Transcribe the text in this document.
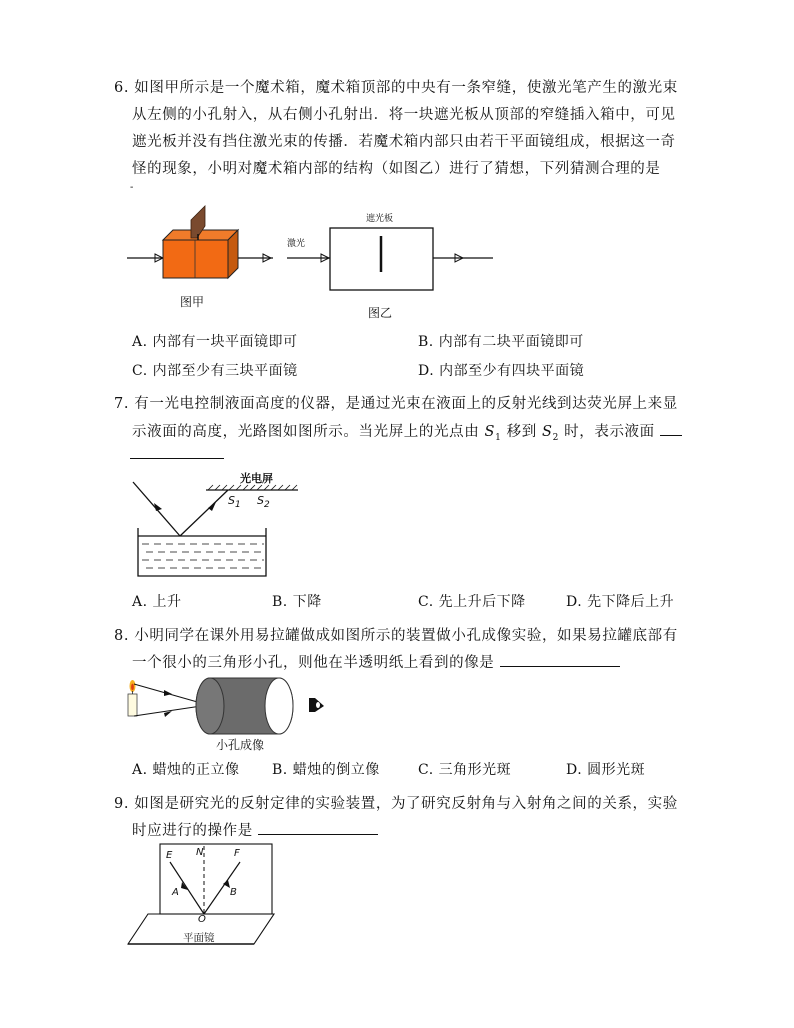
6. 如图甲所示是一个魔术箱，魔术箱顶部的中央有一条窄缝，使激光笔产生的激光束
从左侧的小孔射入，从右侧小孔射出．将一块遮光板从顶部的窄缝插入箱中，可见
遮光板并没有挡住激光束的传播．若魔术箱内部只由若干平面镜组成，根据这一奇
怪的现象，小明对魔术箱内部的结构（如图乙）进行了猜想，下列猜测合理的是
-
图甲
激光
遮光板
图乙
A. 内部有一块平面镜即可	B. 内部有二块平面镜即可
C. 内部至少有三块平面镜	D. 内部至少有四块平面镜
7. 有一光电控制液面高度的仪器，是通过光束在液面上的反射光线到达荧光屏上来显
示液面的高度，光路图如图所示。当光屏上的光点由 $S_1$ 移到 $S_2$ 时，表示液面
光电屏
$S_1$ $S_2$
A. 上升	B. 下降	C. 先上升后下降	D. 先下降后上升
8. 小明同学在课外用易拉罐做成如图所示的装置做小孔成像实验，如果易拉罐底部有
一个很小的三角形小孔，则他在半透明纸上看到的像是
小孔成像
A. 蜡烛的正立像 B. 蜡烛的倒立像	C. 三角形光斑	D. 圆形光斑
9. 如图是研究光的反射定律的实验装置，为了研究反射角与入射角之间的关系，实验
时应进行的操作是
E N	F
A	B
O
平面镜
